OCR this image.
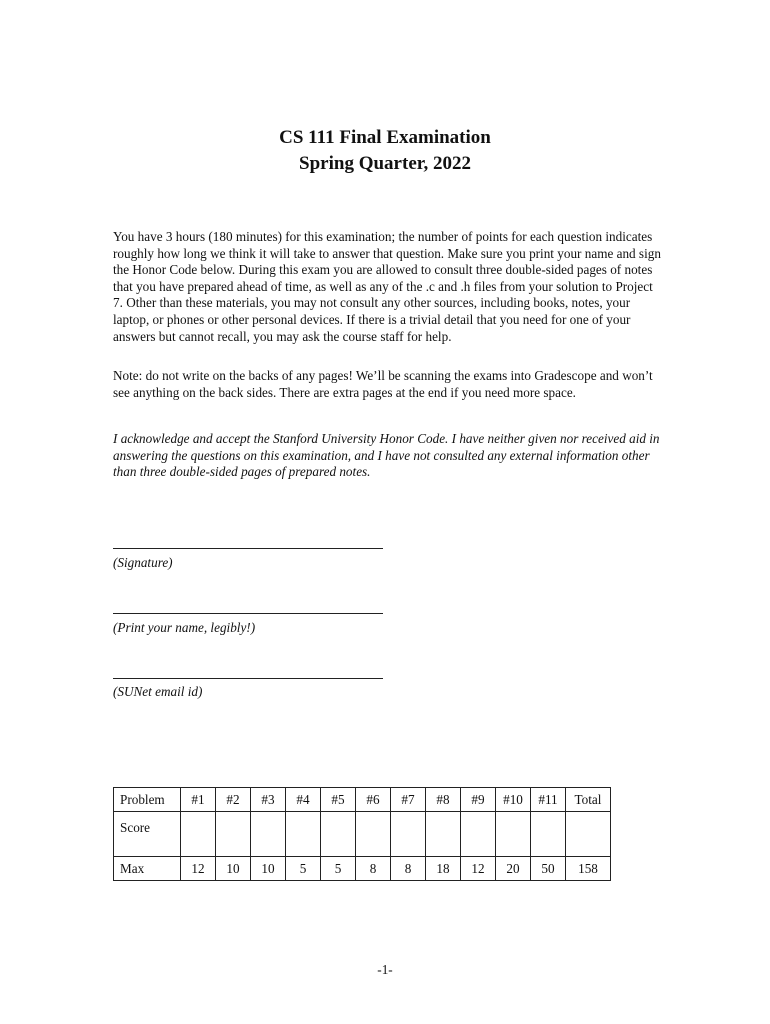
CS 111 Final Examination
Spring Quarter, 2022
You have 3 hours (180 minutes) for this examination; the number of points for each question indicates roughly how long we think it will take to answer that question. Make sure you print your name and sign the Honor Code below. During this exam you are allowed to consult three double-sided pages of notes that you have prepared ahead of time, as well as any of the .c and .h files from your solution to Project 7. Other than these materials, you may not consult any other sources, including books, notes, your laptop, or phones or other personal devices. If there is a trivial detail that you need for one of your answers but cannot recall, you may ask the course staff for help.
Note: do not write on the backs of any pages! We’ll be scanning the exams into Gradescope and won’t see anything on the back sides. There are extra pages at the end if you need more space.
I acknowledge and accept the Stanford University Honor Code. I have neither given nor received aid in answering the questions on this examination, and I have not consulted any external information other than three double-sided pages of prepared notes.
(Signature)
(Print your name, legibly!)
(SUNet email id)
Problem	#1	#2	#3	#4	#5	#6	#7	#8	#9	#10	#11	Total
Score												
Max	12	10	10	5	5	8	8	18	12	20	50	158
-1-
